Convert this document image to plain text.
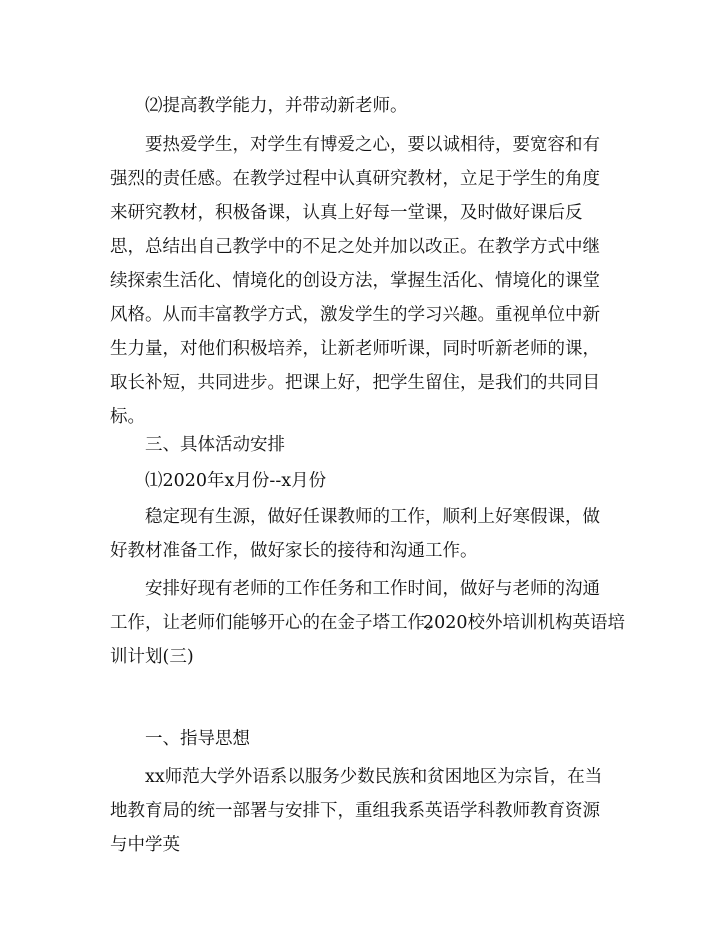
⑵提高教学能力，并带动新老师。
要热爱学生，对学生有博爱之心，要以诚相待，要宽容和有强烈的责任感。在教学过程中认真研究教材，立足于学生的角度来研究教材，积极备课，认真上好每一堂课，及时做好课后反思，总结出自己教学中的不足之处并加以改正。在教学方式中继续探索生活化、情境化的创设方法，掌握生活化、情境化的课堂风格。从而丰富教学方式，激发学生的学习兴趣。重视单位中新生力量，对他们积极培养，让新老师听课，同时听新老师的课，取长补短，共同进步。把课上好，把学生留住，是我们的共同目标。
三、具体活动安排
⑴2020年x月份--x月份
稳定现有生源，做好任课教师的工作，顺利上好寒假课，做好教材准备工作，做好家长的接待和沟通工作。
安排好现有老师的工作任务和工作时间，做好与老师的沟通工作，让老师们能够开心的在金子塔工作。
2020校外培训机构英语培
训计划(三)
一、指导思想
xx师范大学外语系以服务少数民族和贫困地区为宗旨，在当地教育局的统一部署与安排下，重组我系英语学科教师教育资源与中学英
